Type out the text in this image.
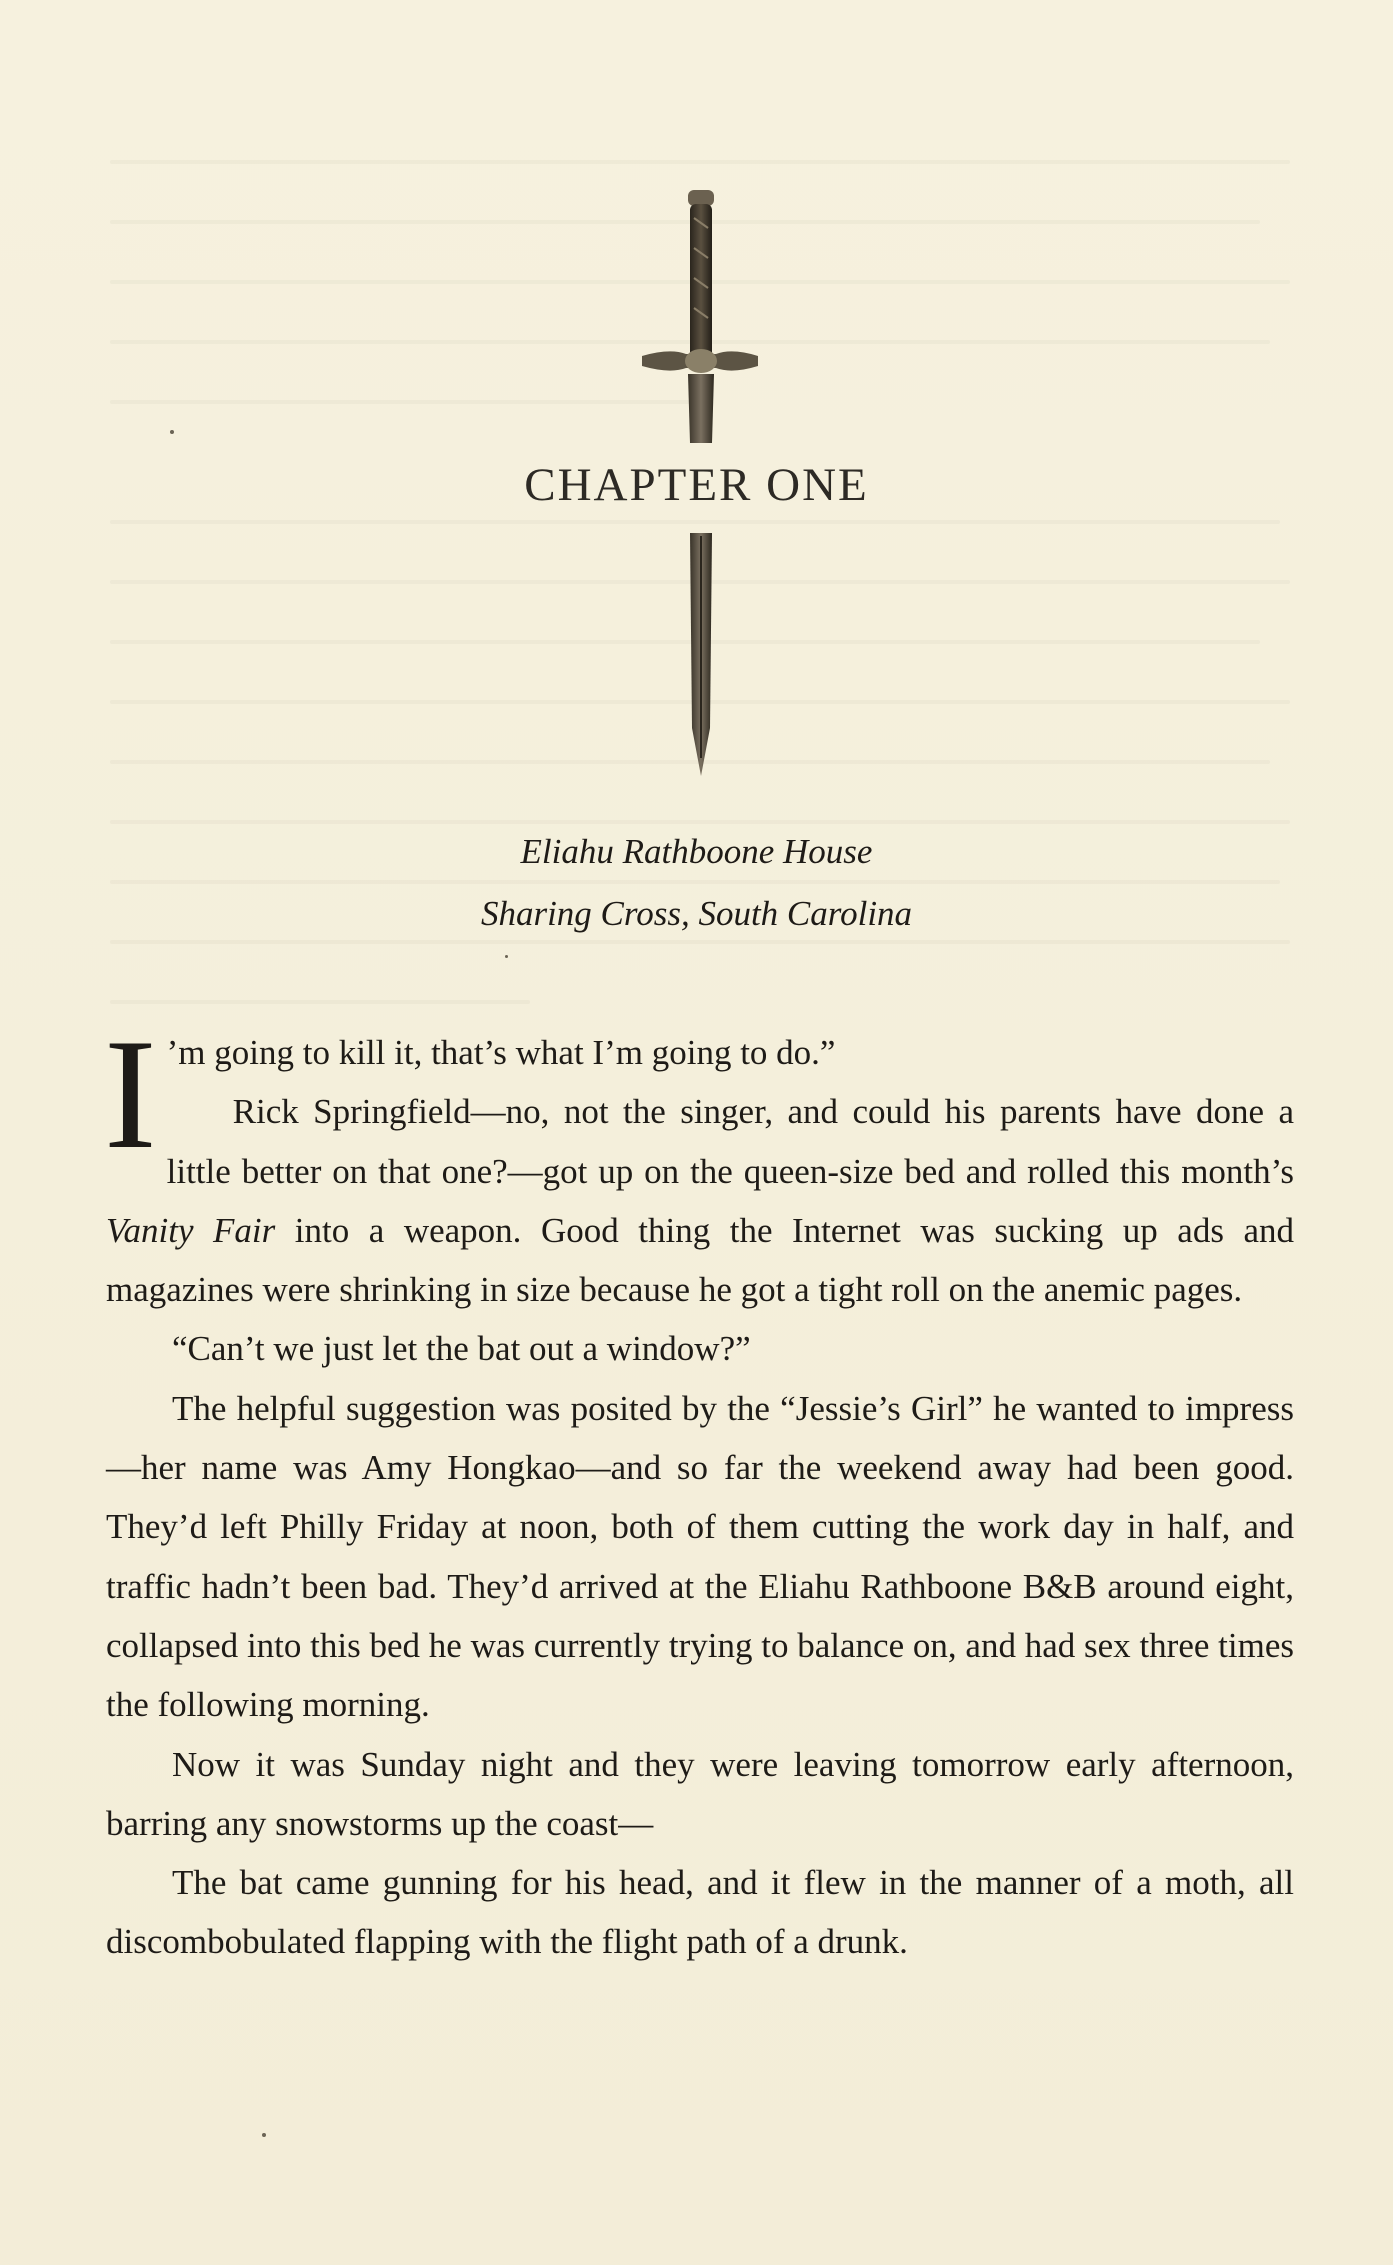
CHAPTER ONE
Eliahu Rathboone House
Sharing Cross, South Carolina

I ’m going to kill it, that’s what I’m going to do.”

Rick Springfield—no, not the singer, and could his parents have done a little better on that one?—got up on the queen-size bed and rolled this month’s Vanity Fair into a weapon. Good thing the Internet was sucking up ads and magazines were shrinking in size because he got a tight roll on the anemic pages.

“Can’t we just let the bat out a window?”

The helpful suggestion was posited by the “Jessie’s Girl” he wanted to impress—her name was Amy Hongkao—and so far the weekend away had been good. They’d left Philly Friday at noon, both of them cutting the work day in half, and traffic hadn’t been bad. They’d arrived at the Eliahu Rathboone B&B around eight, collapsed into this bed he was currently trying to balance on, and had sex three times the following morning.

Now it was Sunday night and they were leaving tomorrow early afternoon, barring any snowstorms up the coast—

The bat came gunning for his head, and it flew in the manner of a moth, all discombobulated flapping with the flight path of a drunk.
